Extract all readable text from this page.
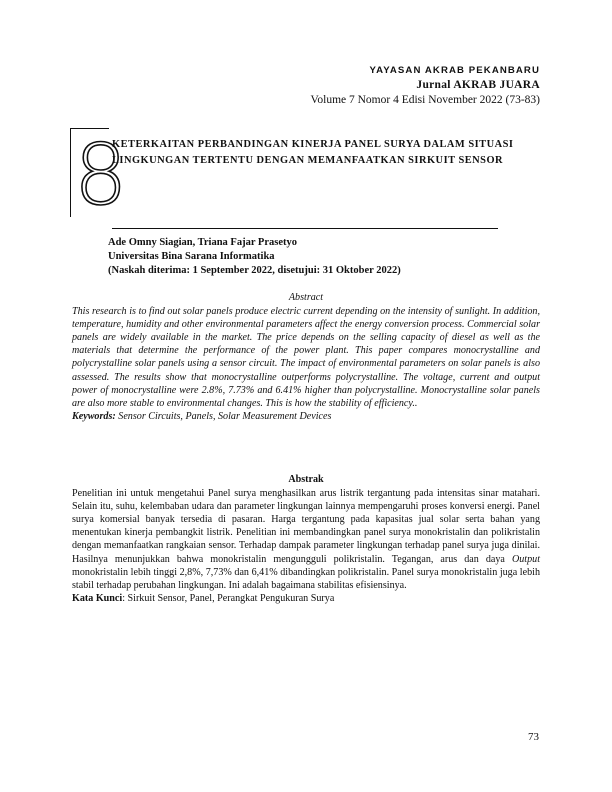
YAYASAN AKRAB PEKANBARU
Jurnal AKRAB JUARA
Volume 7 Nomor 4 Edisi November 2022 (73-83)
8
KETERKAITAN PERBANDINGAN KINERJA PANEL SURYA DALAM SITUASI LINGKUNGAN TERTENTU DENGAN MEMANFAATKAN SIRKUIT SENSOR
Ade Omny Siagian, Triana Fajar Prasetyo
Universitas Bina Sarana Informatika
(Naskah diterima: 1 September 2022, disetujui: 31 Oktober 2022)
Abstract

This research is to find out solar panels produce electric current depending on the intensity of sunlight. In addition, temperature, humidity and other environmental parameters affect the energy conversion process. Commercial solar panels are widely available in the market. The price depends on the selling capacity of diesel as well as the materials that determine the performance of the power plant. This paper compares monocrystalline and polycrystalline solar panels using a sensor circuit. The impact of environmental parameters on solar panels is also assessed. The results show that monocrystalline outperforms polycrystalline. The voltage, current and output power of monocrystalline were 2.8%, 7.73% and 6.41% higher than polycrystalline. Monocrystalline solar panels are also more stable to environmental changes. This is how the stability of efficiency..

Keywords: Sensor Circuits, Panels, Solar Measurement Devices

Abstrak

Penelitian ini untuk mengetahui Panel surya menghasilkan arus listrik tergantung pada intensitas sinar matahari. Selain itu, suhu, kelembaban udara dan parameter lingkungan lainnya mempengaruhi proses konversi energi. Panel surya komersial banyak tersedia di pasaran. Harga tergantung pada kapasitas jual solar serta bahan yang menentukan kinerja pembangkit listrik. Penelitian ini membandingkan panel surya monokristalin dan polikristalin dengan memanfaatkan rangkaian sensor. Terhadap dampak parameter lingkungan terhadap panel surya juga dinilai. Hasilnya menunjukkan bahwa monokristalin mengungguli polikristalin. Tegangan, arus dan daya Output monokristalin lebih tinggi 2,8%, 7,73% dan 6,41% dibandingkan polikristalin. Panel surya monokristalin juga lebih stabil terhadap perubahan lingkungan. Ini adalah bagaimana stabilitas efisiensinya.

Kata Kunci: Sirkuit Sensor, Panel, Perangkat Pengukuran Surya

73
